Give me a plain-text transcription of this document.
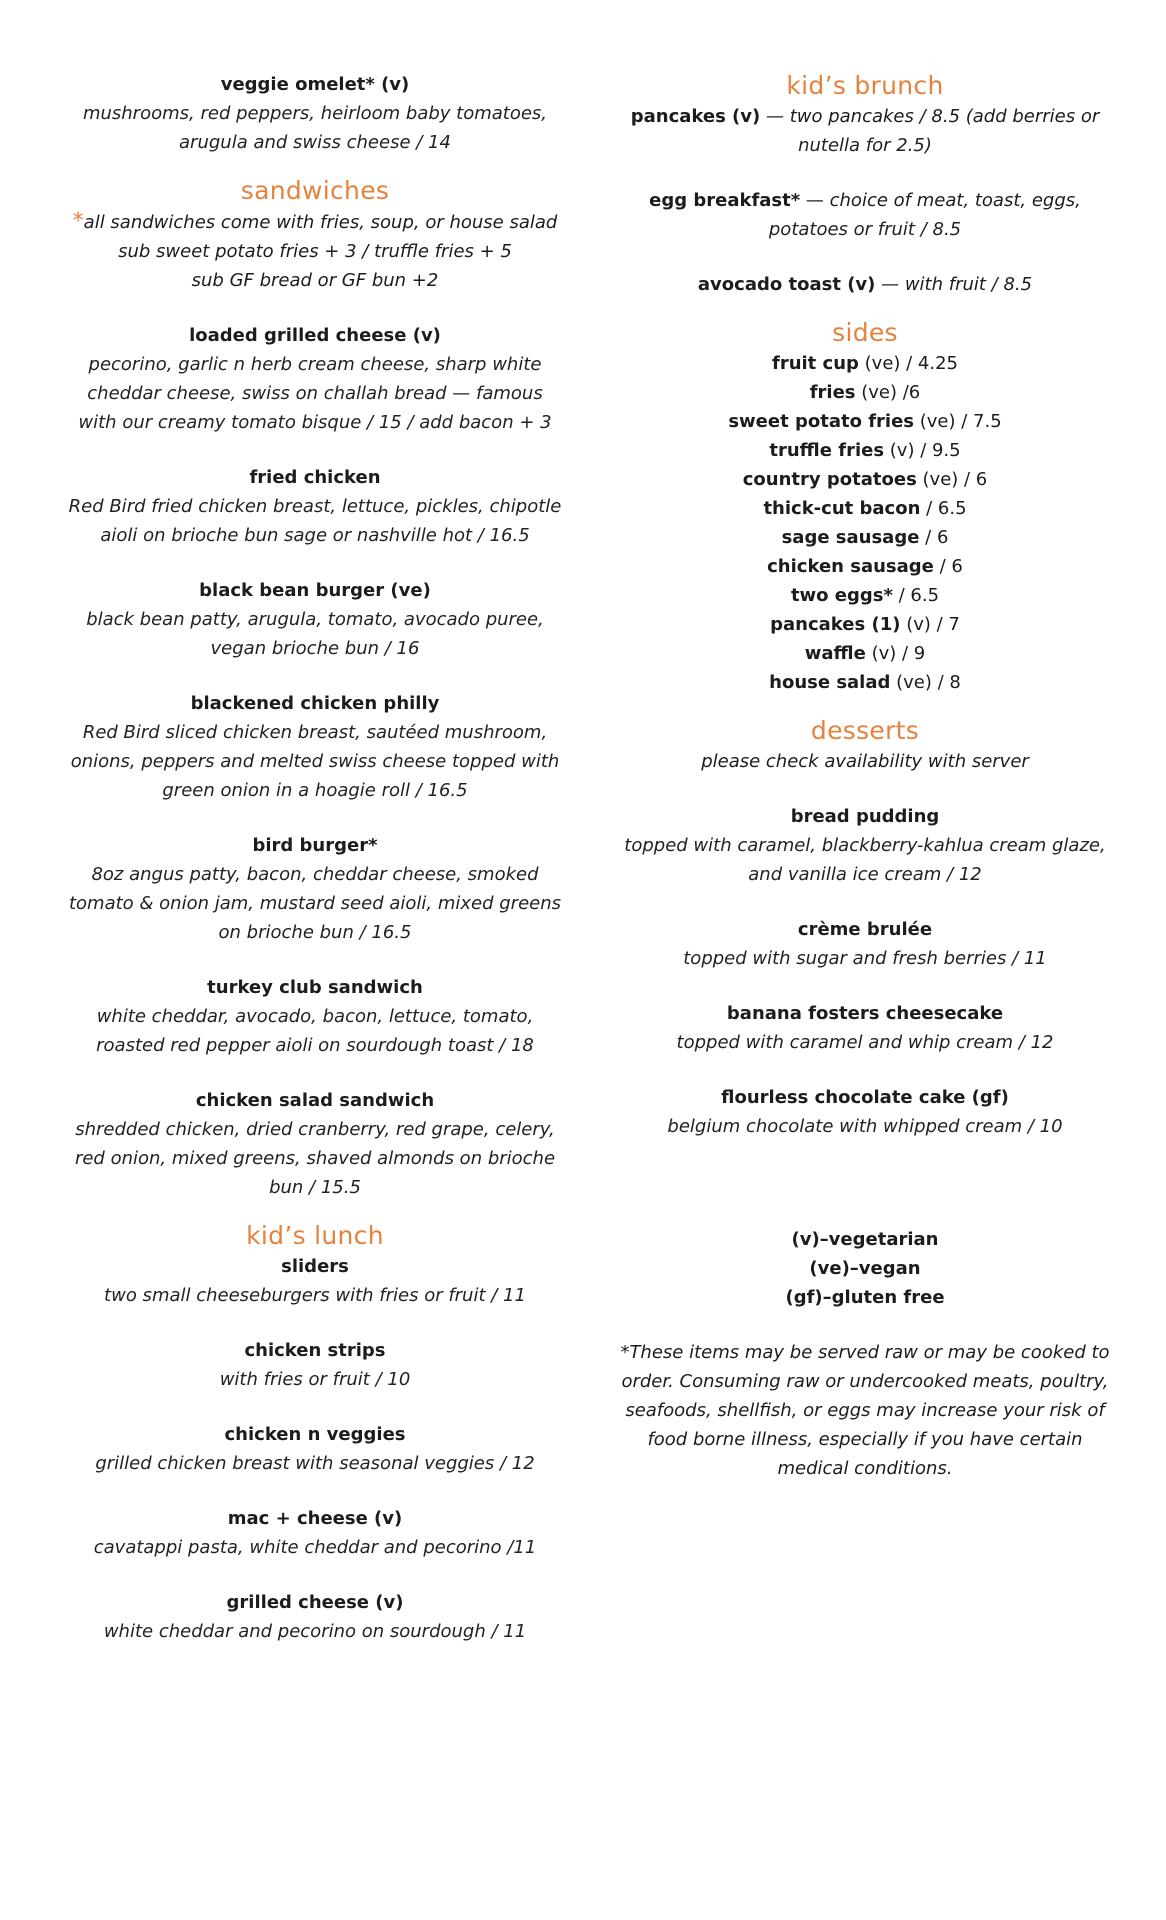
veggie omelet* (v)
mushrooms, red peppers, heirloom baby tomatoes,
arugula and swiss cheese / 14
sandwiches
*all sandwiches come with fries, soup, or house salad
sub sweet potato fries + 3 / truffle fries + 5
sub GF bread or GF bun +2
loaded grilled cheese (v)
pecorino, garlic n herb cream cheese, sharp white
cheddar cheese, swiss on challah bread — famous
with our creamy tomato bisque / 15 / add bacon + 3
fried chicken
Red Bird fried chicken breast, lettuce, pickles, chipotle
aioli on brioche bun sage or nashville hot / 16.5
black bean burger (ve)
black bean patty, arugula, tomato, avocado puree,
vegan brioche bun / 16
blackened chicken philly
Red Bird sliced chicken breast, sautéed mushroom,
onions, peppers and melted swiss cheese topped with
green onion in a hoagie roll / 16.5
bird burger*
8oz angus patty, bacon, cheddar cheese, smoked
tomato & onion jam, mustard seed aioli, mixed greens
on brioche bun / 16.5
turkey club sandwich
white cheddar, avocado, bacon, lettuce, tomato,
roasted red pepper aioli on sourdough toast / 18
chicken salad sandwich
shredded chicken, dried cranberry, red grape, celery,
red onion, mixed greens, shaved almonds on brioche
bun / 15.5
kid’s lunch
sliders
two small cheeseburgers with fries or fruit / 11
chicken strips
with fries or fruit / 10
chicken n veggies
grilled chicken breast with seasonal veggies / 12
mac + cheese (v)
cavatappi pasta, white cheddar and pecorino /11
grilled cheese (v)
white cheddar and pecorino on sourdough / 11
kid’s brunch
pancakes (v) — two pancakes / 8.5 (add berries or
nutella for 2.5)
egg breakfast* — choice of meat, toast, eggs,
potatoes or fruit / 8.5
avocado toast (v) — with fruit / 8.5
sides
fruit cup (ve) / 4.25
fries (ve) /6
sweet potato fries (ve) / 7.5
truffle fries (v) / 9.5
country potatoes (ve) / 6
thick-cut bacon / 6.5
sage sausage / 6
chicken sausage / 6
two eggs* / 6.5
pancakes (1) (v) / 7
waffle (v) / 9
house salad (ve) / 8
desserts
please check availability with server
bread pudding
topped with caramel, blackberry-kahlua cream glaze,
and vanilla ice cream / 12
crème brulée
topped with sugar and fresh berries / 11
banana fosters cheesecake
topped with caramel and whip cream / 12
flourless chocolate cake (gf)
belgium chocolate with whipped cream / 10
(v)–vegetarian
(ve)–vegan
(gf)–gluten free
*These items may be served raw or may be cooked to
order. Consuming raw or undercooked meats, poultry,
seafoods, shellfish, or eggs may increase your risk of
food borne illness, especially if you have certain
medical conditions.
